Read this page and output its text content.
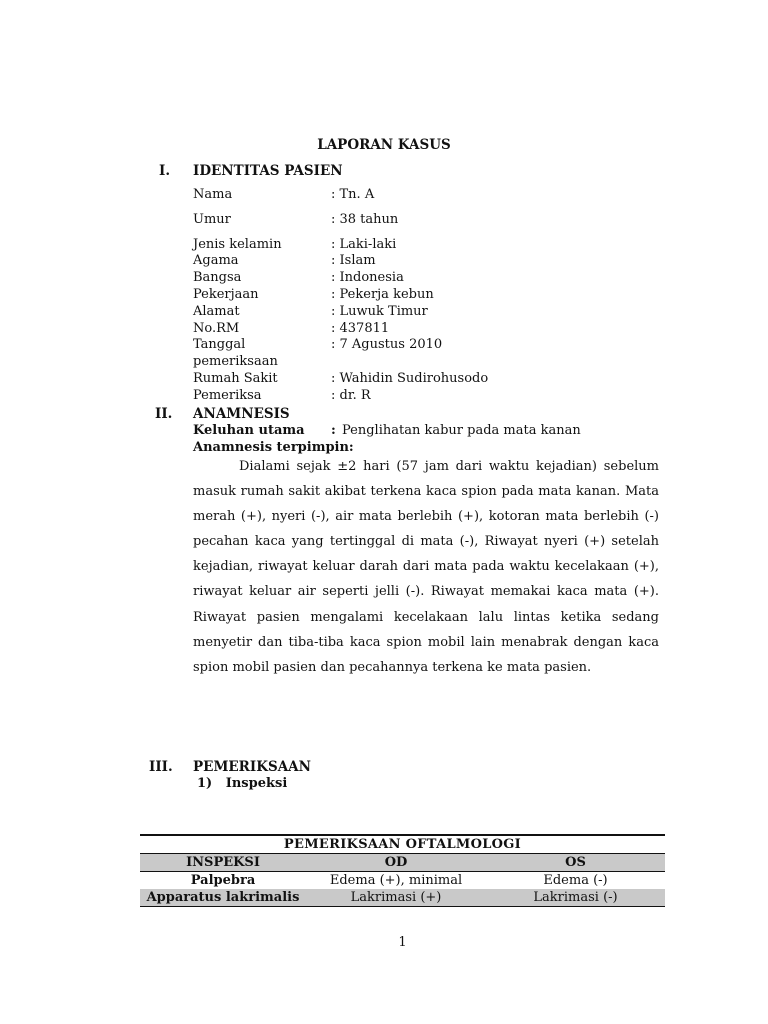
LAPORAN KASUS
I. IDENTITAS PASIEN
Nama	: Tn. A
Umur	: 38 tahun
Jenis kelamin	: Laki-laki
Agama	: Islam
Bangsa	: Indonesia
Pekerjaan	: Pekerja kebun
Alamat	: Luwuk Timur
No.RM	: 437811
Tanggal pemeriksaan	: 7 Agustus 2010
Rumah Sakit	: Wahidin Sudirohusodo
Pemeriksa	: dr. R
II. ANAMNESIS
Keluhan utama : Penglihatan kabur pada mata kanan
Anamnesis terpimpin:
Dialami sejak ±2 hari (57 jam dari waktu kejadian) sebelum masuk rumah sakit akibat terkena kaca spion pada mata kanan. Mata merah (+), nyeri (-), air mata berlebih (+), kotoran mata berlebih (-) pecahan kaca yang tertinggal di mata (-), Riwayat nyeri (+) setelah kejadian, riwayat keluar darah dari mata pada waktu kecelakaan (+), riwayat keluar air seperti jelli (-). Riwayat memakai kaca mata (+). Riwayat pasien mengalami kecelakaan lalu lintas ketika sedang menyetir dan tiba-tiba kaca spion mobil lain menabrak dengan kaca spion mobil pasien dan pecahannya terkena ke mata pasien.
III. PEMERIKSAAN
1)   Inspeksi
PEMERIKSAAN OFTALMOLOGI		
INSPEKSI	OD	OS
Palpebra	Edema (+), minimal	Edema (-)
Apparatus lakrimalis	Lakrimasi (+)	Lakrimasi (-)
1
